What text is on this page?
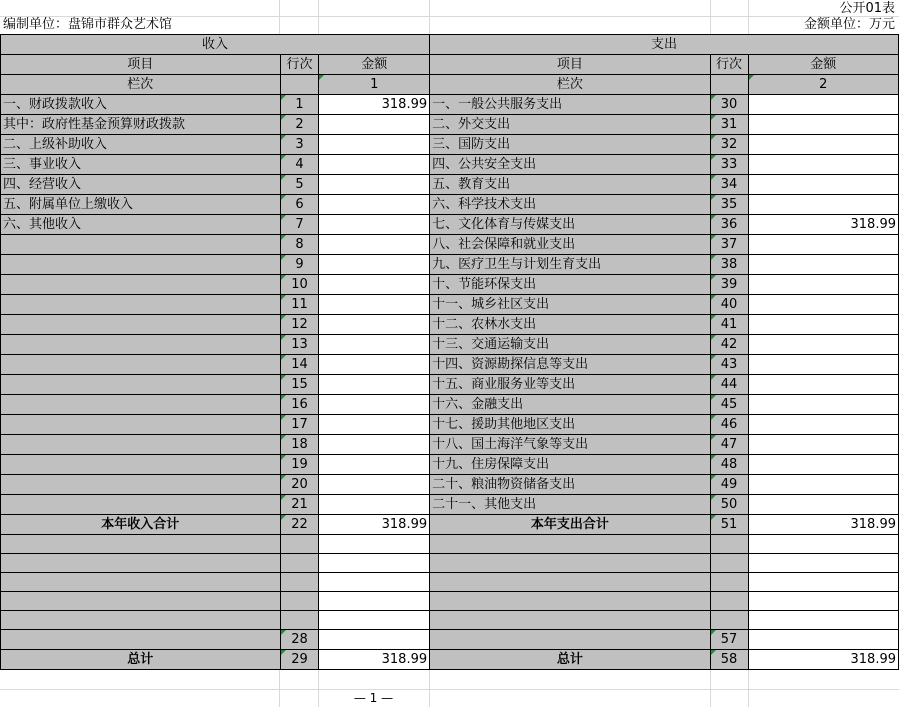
编制单位：盘锦市群众艺术馆
公开01表
金额单位：万元
收入			支出		
项目	行次	金额	项目	行次	金额
栏次		1	栏次		2
一、财政拨款收入	1	318.99	一、一般公共服务支出	30	
其中：政府性基金预算财政拨款	2		二、外交支出	31	
二、上级补助收入	3		三、国防支出	32	
三、事业收入	4		四、公共安全支出	33	
四、经营收入	5		五、教育支出	34	
五、附属单位上缴收入	6		六、科学技术支出	35	
六、其他收入	7		七、文化体育与传媒支出	36	318.99
	8		八、社会保障和就业支出	37	
	9		九、医疗卫生与计划生育支出	38	
	10		十、节能环保支出	39	
	11		十一、城乡社区支出	40	
	12		十二、农林水支出	41	
	13		十三、交通运输支出	42	
	14		十四、资源勘探信息等支出	43	
	15		十五、商业服务业等支出	44	
	16		十六、金融支出	45	
	17		十七、援助其他地区支出	46	
	18		十八、国土海洋气象等支出	47	
	19		十九、住房保障支出	48	
	20		二十、粮油物资储备支出	49	
	21		二十一、其他支出	50	
本年收入合计	22	318.99	本年支出合计	51	318.99

	28			57	
总计	29	318.99	总计	58	318.99
— 1 —
